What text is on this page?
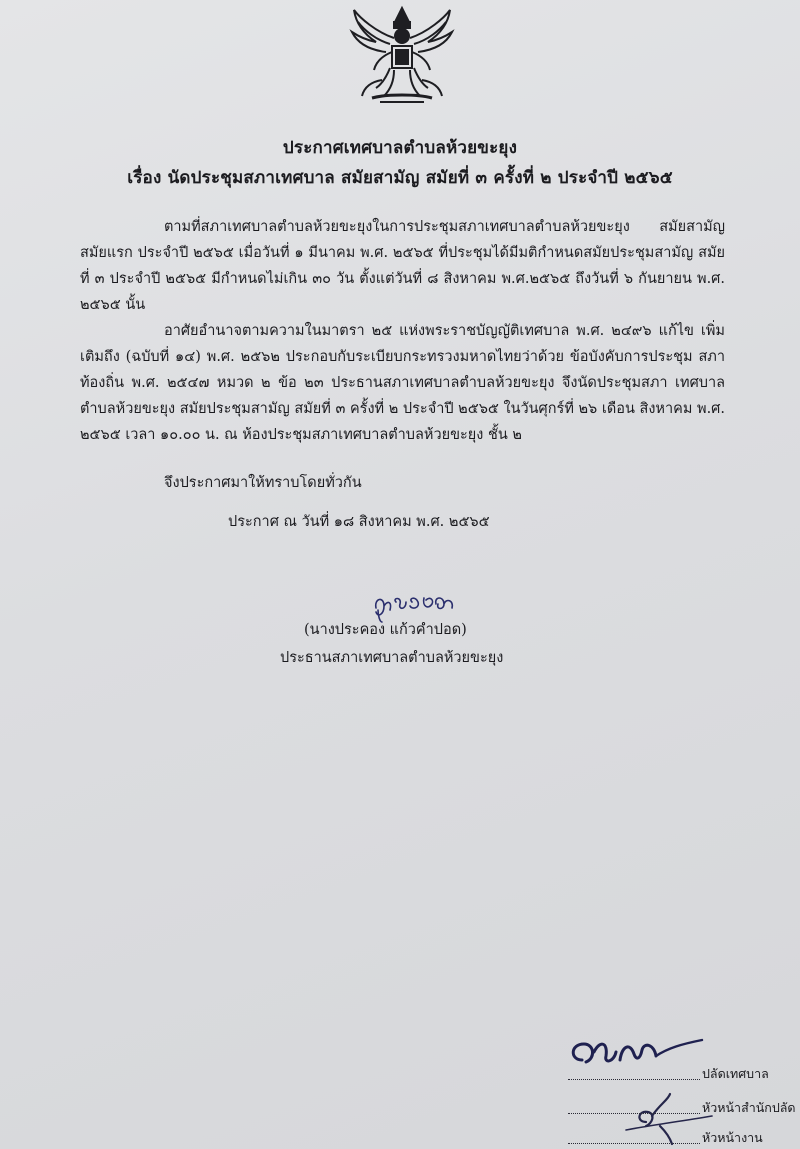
ประกาศเทศบาลตำบลห้วยขะยุง
เรื่อง นัดประชุมสภาเทศบาล สมัยสามัญ สมัยที่ ๓ ครั้งที่ ๒ ประจำปี ๒๕๖๕

ตามที่สภาเทศบาลตำบลห้วยขะยุงในการประชุมสภาเทศบาลตำบลห้วยขะยุง สมัยสามัญ สมัยแรก ประจำปี ๒๕๖๕ เมื่อวันที่ ๑ มีนาคม พ.ศ. ๒๕๖๕ ที่ประชุมได้มีมติกำหนดสมัยประชุมสามัญ สมัยที่ ๓ ประจำปี ๒๕๖๕ มีกำหนดไม่เกิน ๓๐ วัน ตั้งแต่วันที่ ๘ สิงหาคม พ.ศ.๒๕๖๕ ถึงวันที่ ๖ กันยายน พ.ศ. ๒๕๖๕ นั้น

อาศัยอำนาจตามความในมาตรา ๒๕ แห่งพระราชบัญญัติเทศบาล พ.ศ. ๒๔๙๖ แก้ไข เพิ่มเติมถึง (ฉบับที่ ๑๔) พ.ศ. ๒๕๖๒ ประกอบกับระเบียบกระทรวงมหาดไทยว่าด้วย ข้อบังคับการประชุม สภาท้องถิ่น พ.ศ. ๒๕๔๗ หมวด ๒ ข้อ ๒๓ ประธานสภาเทศบาลตำบลห้วยขะยุง จึงนัดประชุมสภา เทศบาลตำบลห้วยขะยุง สมัยประชุมสามัญ สมัยที่ ๓ ครั้งที่ ๒ ประจำปี ๒๕๖๕ ในวันศุกร์ที่ ๒๖ เดือน สิงหาคม พ.ศ. ๒๕๖๕ เวลา ๑๐.๐๐ น. ณ ห้องประชุมสภาเทศบาลตำบลห้วยขะยุง ชั้น ๒

จึงประกาศมาให้ทราบโดยทั่วกัน
ประกาศ ณ วันที่ ๑๘ สิงหาคม พ.ศ. ๒๕๖๕
(นางประคอง แก้วคำปอด)
ประธานสภาเทศบาลตำบลห้วยขะยุง
ปลัดเทศบาล
หัวหน้าสำนักปลัด
หัวหน้างาน
